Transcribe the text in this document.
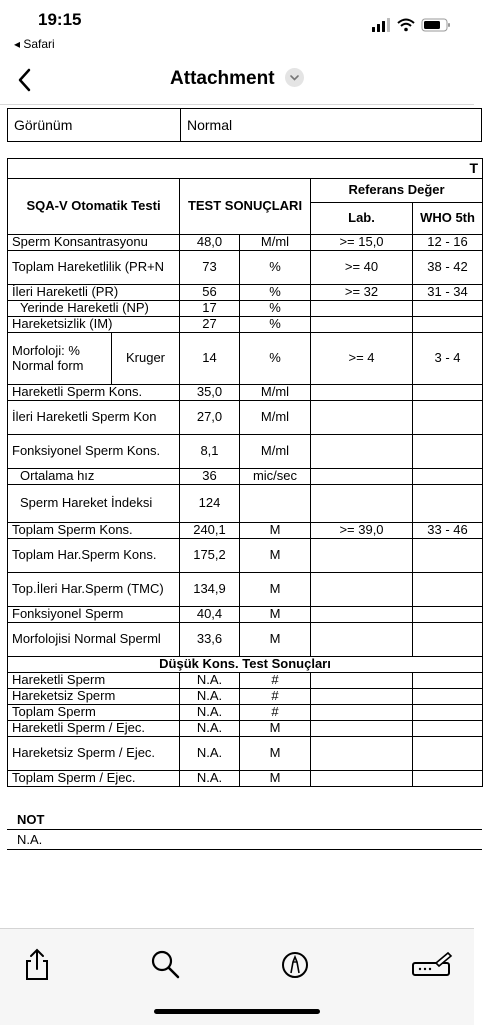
19:15
◂ Safari
Attachment
Görünüm	Normal
T					
SQA-V Otomatik Testi		TEST SONUÇLARI		Referans Değer	
				Lab.	WHO 5th
Sperm Konsantrasyonu		48,0	M/ml	>= 15,0	12 - 16
Toplam Hareketlilik (PR+N		73	%	>= 40	38 - 42
İleri Hareketli (PR)		56	%	>= 32	31 - 34
Yerinde Hareketli (NP)		17	%		
Hareketsizlik (IM)		27	%		
Morfoloji: % Normal form	Kruger	14	%	>= 4	3 - 4
Hareketli Sperm Kons.		35,0	M/ml		
İleri Hareketli Sperm Kon		27,0	M/ml		
Fonksiyonel Sperm Kons.		8,1	M/ml		
Ortalama hız		36	mic/sec		
Sperm Hareket İndeksi		124			
Toplam Sperm Kons.		240,1	M	>= 39,0	33 - 46
Toplam Har.Sperm Kons.		175,2	M		
Top.İleri Har.Sperm (TMC)		134,9	M		
Fonksiyonel Sperm		40,4	M		
Morfolojisi Normal Sperml		33,6	M		
Düşük Kons. Test Sonuçları					
Hareketli Sperm		N.A.	#		
Hareketsiz Sperm		N.A.	#		
Toplam Sperm		N.A.	#		
Hareketli Sperm / Ejec.		N.A.	M		
Hareketsiz Sperm / Ejec.		N.A.	M		
Toplam Sperm / Ejec.		N.A.	M		
NOT
N.A.
